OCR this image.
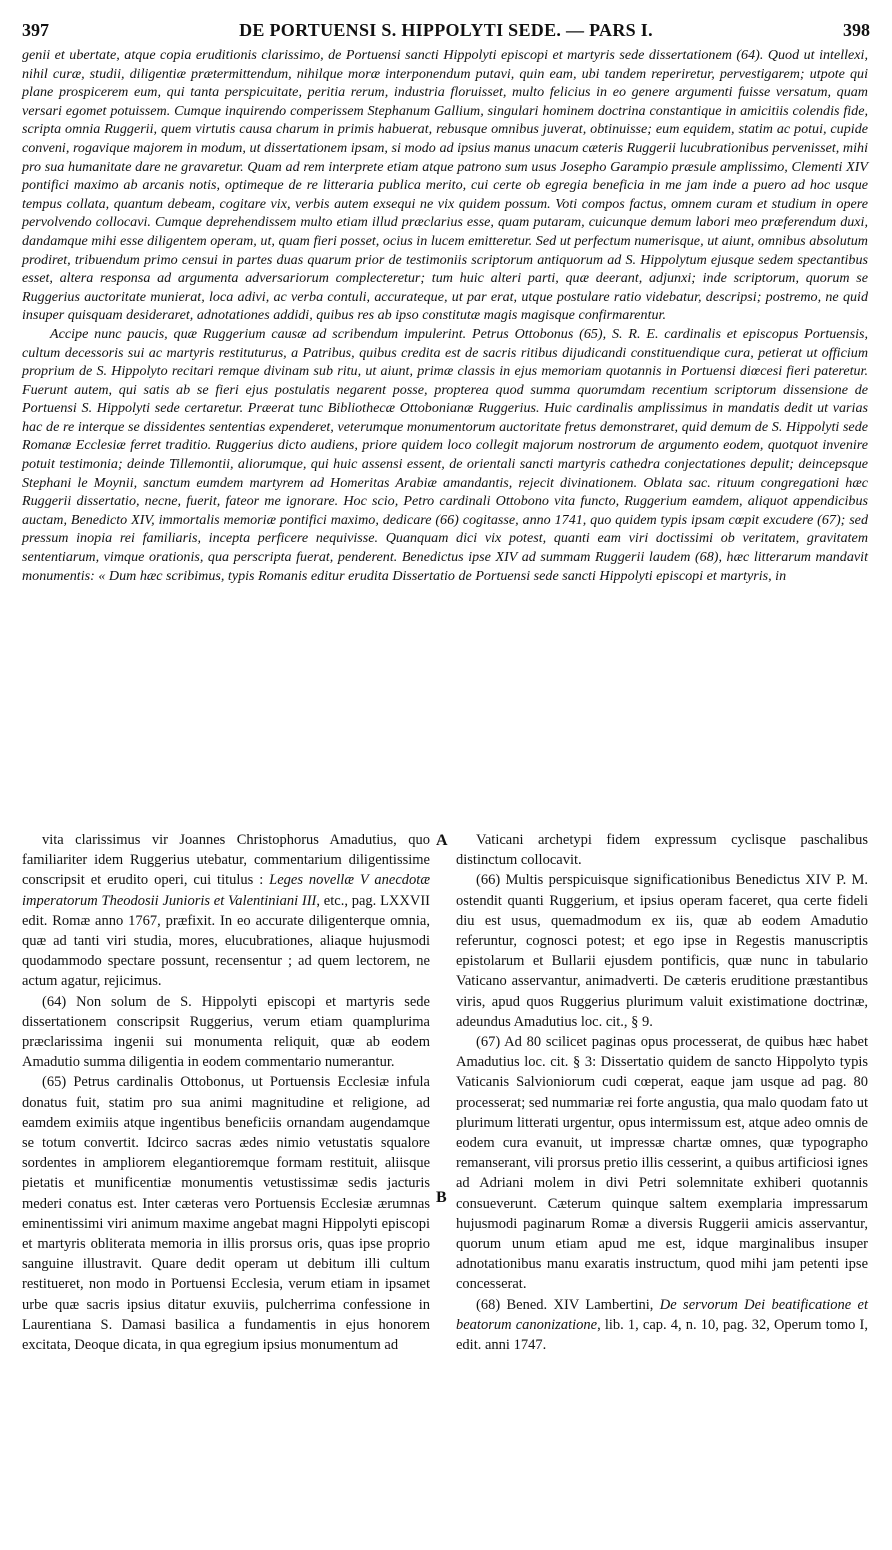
397	DE PORTUENSI S. HIPPOLYTI SEDE. — PARS I.	398

geniі et ubertate, atque copia eruditionis clarissimo, de Portuensi sancti Hippolyti episcopi et martyris sede dissertationem (64). Quod ut intellexi, nihil curæ, studii, diligentiæ prætermittendum, nihilque moræ interponendum putavi, quin eam, ubi tandem reperiretur, pervestigarem; utpote qui plane prospicerem eum, qui tanta perspicuitate, peritia rerum, industria floruisset, multo felicius in eo genere argumenti fuisse versatum, quam versari egomet potuissem. Cumque inquirendo comperissem Stephanum Gallium, singulari hominem doctrina constantique in amicitiis colendis fide, scripta omnia Ruggerii, quem virtutis causa charum in primis habuerat, rebusque omnibus juverat, obtinuisse; eum equidem, statim ac potui, cupide conveni, rogavique majorem in modum, ut dissertationem ipsam, si modo ad ipsius manus unacum cæteris Ruggerii lucubrationibus pervenisset, mihi pro sua humanitate dare ne gravaretur. Quam ad rem interprete etiam atque patrono sum usus Josepho Garampio præsule amplissimo, Clementi XIV pontifici maximo ab arcanis notis, optimeque de re litteraria publica merito, cui certe ob egregia beneficia in me jam inde a puero ad hoc usque tempus collata, quantum debeam, cogitare vix, verbis autem exsequi ne vix quidem possum. Voti compos factus, omnem curam et studium in opere pervolvendo collocavi. Cumque deprehendissem multo etiam illud præclarius esse, quam putaram, cuicunque demum labori meo præferendum duxi, dandamque mihi esse diligentem operam, ut, quam fieri posset, ocius in lucem emitteretur. Sed ut perfectum numerisque, ut aiunt, omnibus absolutum prodiret, tribuendum primo censui in partes duas quarum prior de testimoniis scriptorum antiquorum ad S. Hippolytum ejusque sedem spectantibus esset, altera responsa ad argumenta adversariorum complecteretur; tum huic alteri parti, quæ deerant, adjunxi; inde scriptorum, quorum se Ruggerius auctoritate munierat, loca adivi, ac verba contuli, accurateque, ut par erat, utque postulare ratio videbatur, descripsi; postremo, ne quid insuper quisquam desideraret, adnotationes addidi, quibus res ab ipso constitutæ magis magisque confirmarentur.

Accipe nunc paucis, quæ Ruggerium causæ ad scribendum impulerint. Petrus Ottobonus (65), S. R. E. cardinalis et episcopus Portuensis, cultum decessoris sui ac martyris restituturus, a Patribus, quibus credita est de sacris ritibus dijudicandi constituendique cura, petierat ut officium proprium de S. Hippolyto recitari remque divinam sub ritu, ut aiunt, primæ classis in ejus memoriam quotannis in Portuensi diœcesi fieri pateretur. Fuerunt autem, qui satis ab se fieri ejus postulatis negarent posse, propterea quod summa quorumdam recentium scriptorum dissensione de Portuensi S. Hippolyti sede certaretur. Præerat tunc Bibliothecæ Ottobonianæ Ruggerius. Huic cardinalis amplissimus in mandatis dedit ut varias hac de re interque se dissidentes sententias expenderet, veterumque monumentorum auctoritate fretus demonstraret, quid demum de S. Hippolyti sede Romanæ Ecclesiæ ferret traditio. Ruggerius dicto audiens, priore quidem loco collegit majorum nostrorum de argumento eodem, quotquot invenire potuit testimonia; deinde Tillemontii, aliorumque, qui huic assensi essent, de orientali sancti martyris cathedra conjectationes depulit; deincepsque Stephani le Moynii, sanctum eumdem martyrem ad Homeritas Arabiæ amandantis, rejecit divinationem. Oblata sac. rituum congregationi hæc Ruggerii dissertatio, necne, fuerit, fateor me ignorare. Hoc scio, Petro cardinali Ottobono vita functo, Ruggerium eamdem, aliquot appendicibus auctam, Benedicto XIV, immortalis memoriæ pontifici maximo, dedicare (66) cogitasse, anno 1741, quo quidem typis ipsam cœpit excudere (67); sed pressum inopia rei familiaris, incepta perficere nequivisse. Quanquam dici vix potest, quanti eam viri doctissimi ob veritatem, gravitatem sententiarum, vimque orationis, qua perscripta fuerat, penderent. Benedictus ipse XIV ad summam Ruggerii laudem (68), hæc litterarum mandavit monumentis: « Dum hæc scribimus, typis Romanis editur erudita Dissertatio de Portuensi sede sancti Hippolyti episcopi et martyris, in

vita clarissimus vir Joannes Christophorus Amadutius, quo familiariter idem Ruggerius utebatur, commentarium diligentissime conscripsit et erudito operi, cui titulus : Leges novellæ V anecdotæ imperatorum Theodosii Junioris et Valentiniani III, etc., pag. LXXVII edit. Romæ anno 1767, præfixit. In eo accurate diligenterque omnia, quæ ad tanti viri studia, mores, elucubrationes, aliaque hujusmodi quodammodo spectare possunt, recensentur ; ad quem lectorem, ne actum agatur, rejicimus.

(64) Non solum de S. Hippolyti episcopi et martyris sede dissertationem conscripsit Ruggerius, verum etiam quamplurima præclarissima ingenii sui monumenta reliquit, quæ ab eodem Amadutio summa diligentia in eodem commentario numerantur.

(65) Petrus cardinalis Ottobonus, ut Portuensis Ecclesiæ infula donatus fuit, statim pro sua animi magnitudine et religione, ad eamdem eximiis atque ingentibus beneficiis ornandam augendamque se totum convertit. Idcirco sacras ædes nimio vetustatis squalore sordentes in ampliorem elegantioremque formam restituit, aliisque pietatis et munificentiæ monumentis vetustissimæ sedis jacturis mederi conatus est. Inter cæteras vero Portuensis Ecclesiæ ærumnas eminentissimi viri animum maxime angebat magni Hippolyti episcopi et martyris obliterata memoria in illis prorsus oris, quas ipse proprio sanguine illustravit. Quare dedit operam ut debitum illi cultum restitueret, non modo in Portuensi Ecclesia, verum etiam in ipsamet urbe quæ sacris ipsius ditatur exuviis, pulcherrima confessione in Laurentiana S. Damasi basilica a fundamentis in ejus honorem excitata, Deoque dicata, in qua egregium ipsius monumentum ad

A
B

Vaticani archetypi fidem expressum cyclisque paschalibus distinctum collocavit.

(66) Multis perspicuisque significationibus Benedictus XIV P. M. ostendit quanti Ruggerium, et ipsius operam faceret, qua certe fideli diu est usus, quemadmodum ex iis, quæ ab eodem Amadutio referuntur, cognosci potest; et ego ipse in Regestis manuscriptis epistolarum et Bullarii ejusdem pontificis, quæ nunc in tabulario Vaticano asservantur, animadverti. De cæteris eruditione præstantibus viris, apud quos Ruggerius plurimum valuit existimatione doctrinæ, adeundus Amadutius loc. cit., § 9.

(67) Ad 80 scilicet paginas opus processerat, de quibus hæc habet Amadutius loc. cit. § 3: Dissertatio quidem de sancto Hippolyto typis Vaticanis Salvioniorum cudi cœperat, eaque jam usque ad pag. 80 processerat; sed nummariæ rei forte angustia, qua malo quodam fato ut plurimum litterati urgentur, opus intermissum est, atque adeo omnis de eodem cura evanuit, ut impressæ chartæ omnes, quæ typographo remanserant, vili prorsus pretio illis cesserint, a quibus artificiosi ignes ad Adriani molem in divi Petri solemnitate exhiberi quotannis consueverunt. Cæterum quinque saltem exemplaria impressarum hujusmodi paginarum Romæ a diversis Ruggerii amicis asservantur, quorum unum etiam apud me est, idque marginalibus insuper adnotationibus manu exaratis instructum, quod mihi jam petenti ipse concesserat.

(68) Bened. XIV Lambertini, De servorum Dei beatificatione et beatorum canonizatione, lib. 1, cap. 4, n. 10, pag. 32, Operum tomo I, edit. anni 1747.
